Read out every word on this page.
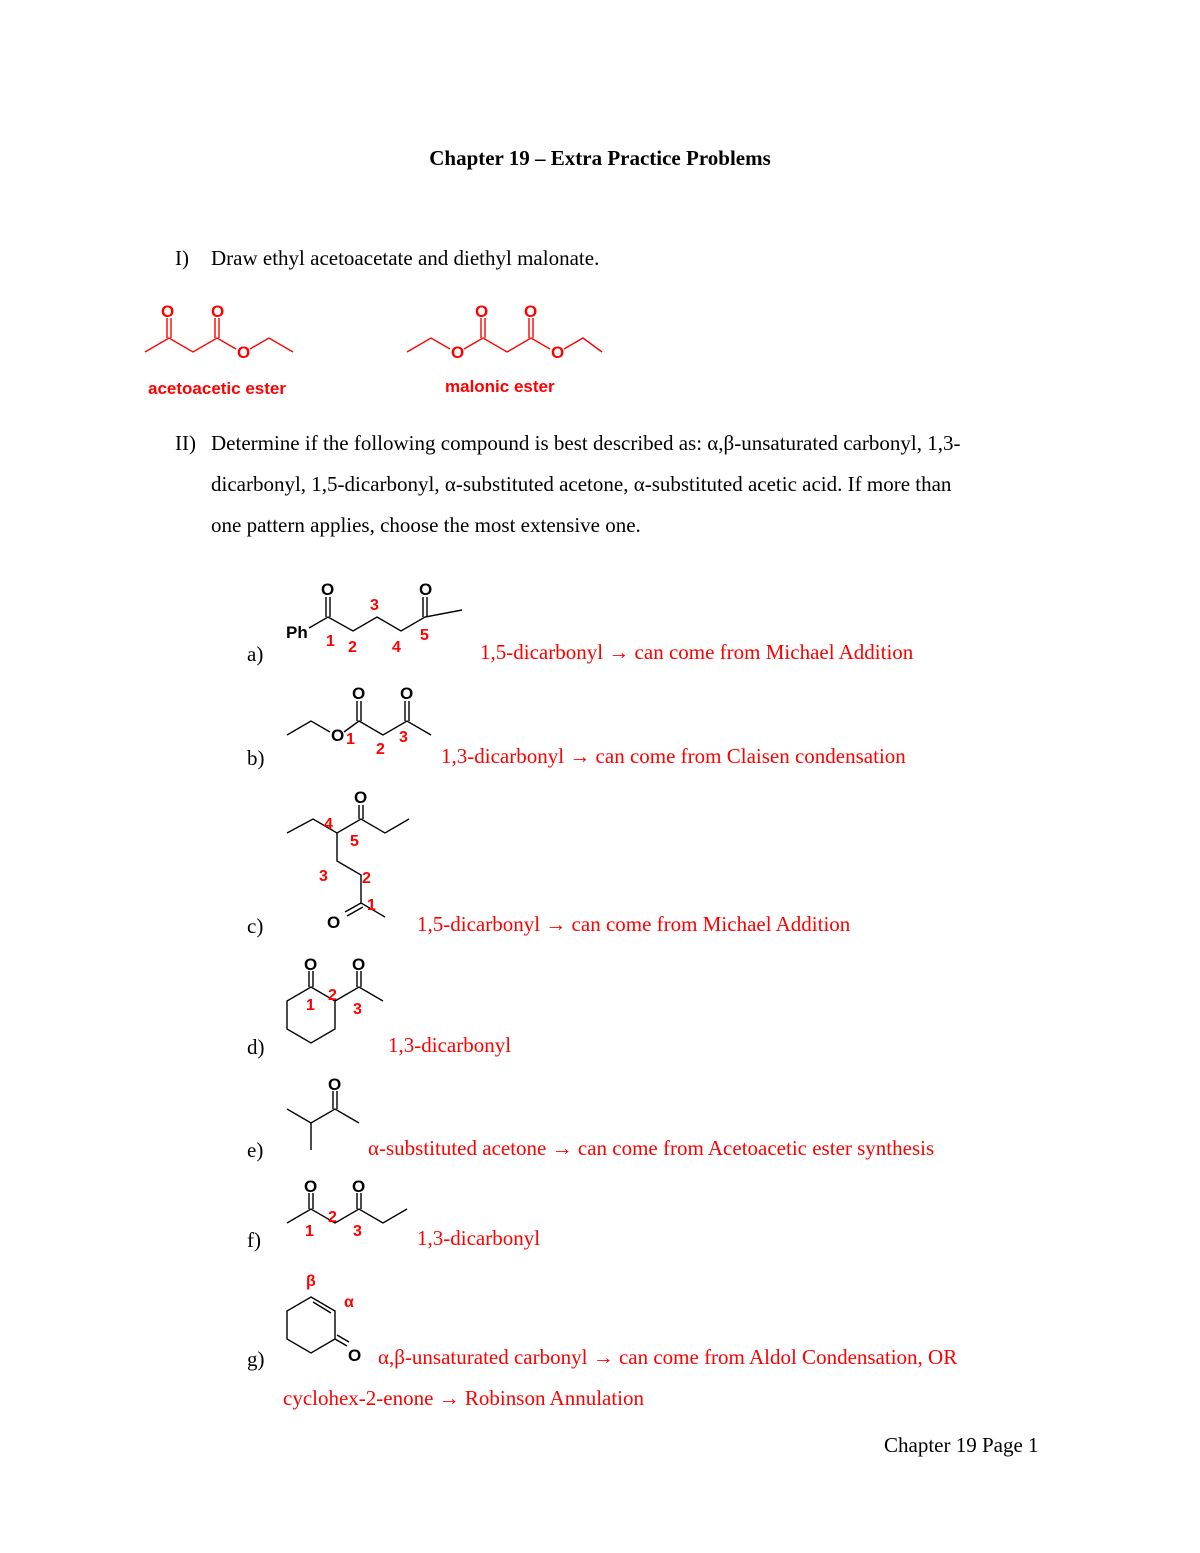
Chapter 19 – Extra Practice Problems
I) Draw ethyl acetoacetate and diethyl malonate.
O O
O
acetoacetic ester
O O
O	O
malonic ester
O	O
Ph 1 2
3
4
5
O O
O 1
2
3
O
O
4
5
3 2
1
O O
1
2
3
O
O O
1
2
3
O
β
α
II) Determine if the following compound is best described as: α,β-unsaturated carbonyl, 1,3-
dicarbonyl, 1,5-dicarbonyl, α-substituted acetone, α-substituted acetic acid. If more than
one pattern applies, choose the most extensive one.
a)	1,5-dicarbonyl → can come from Michael Addition
b)	1,3-dicarbonyl → can come from Claisen condensation
c)	1,5-dicarbonyl → can come from Michael Addition
d)	1,3-dicarbonyl
e)	α-substituted acetone → can come from Acetoacetic ester synthesis
f)	1,3-dicarbonyl
g)	α,β-unsaturated carbonyl → can come from Aldol Condensation, OR
cyclohex-2-enone → Robinson Annulation
Chapter 19 Page 1
